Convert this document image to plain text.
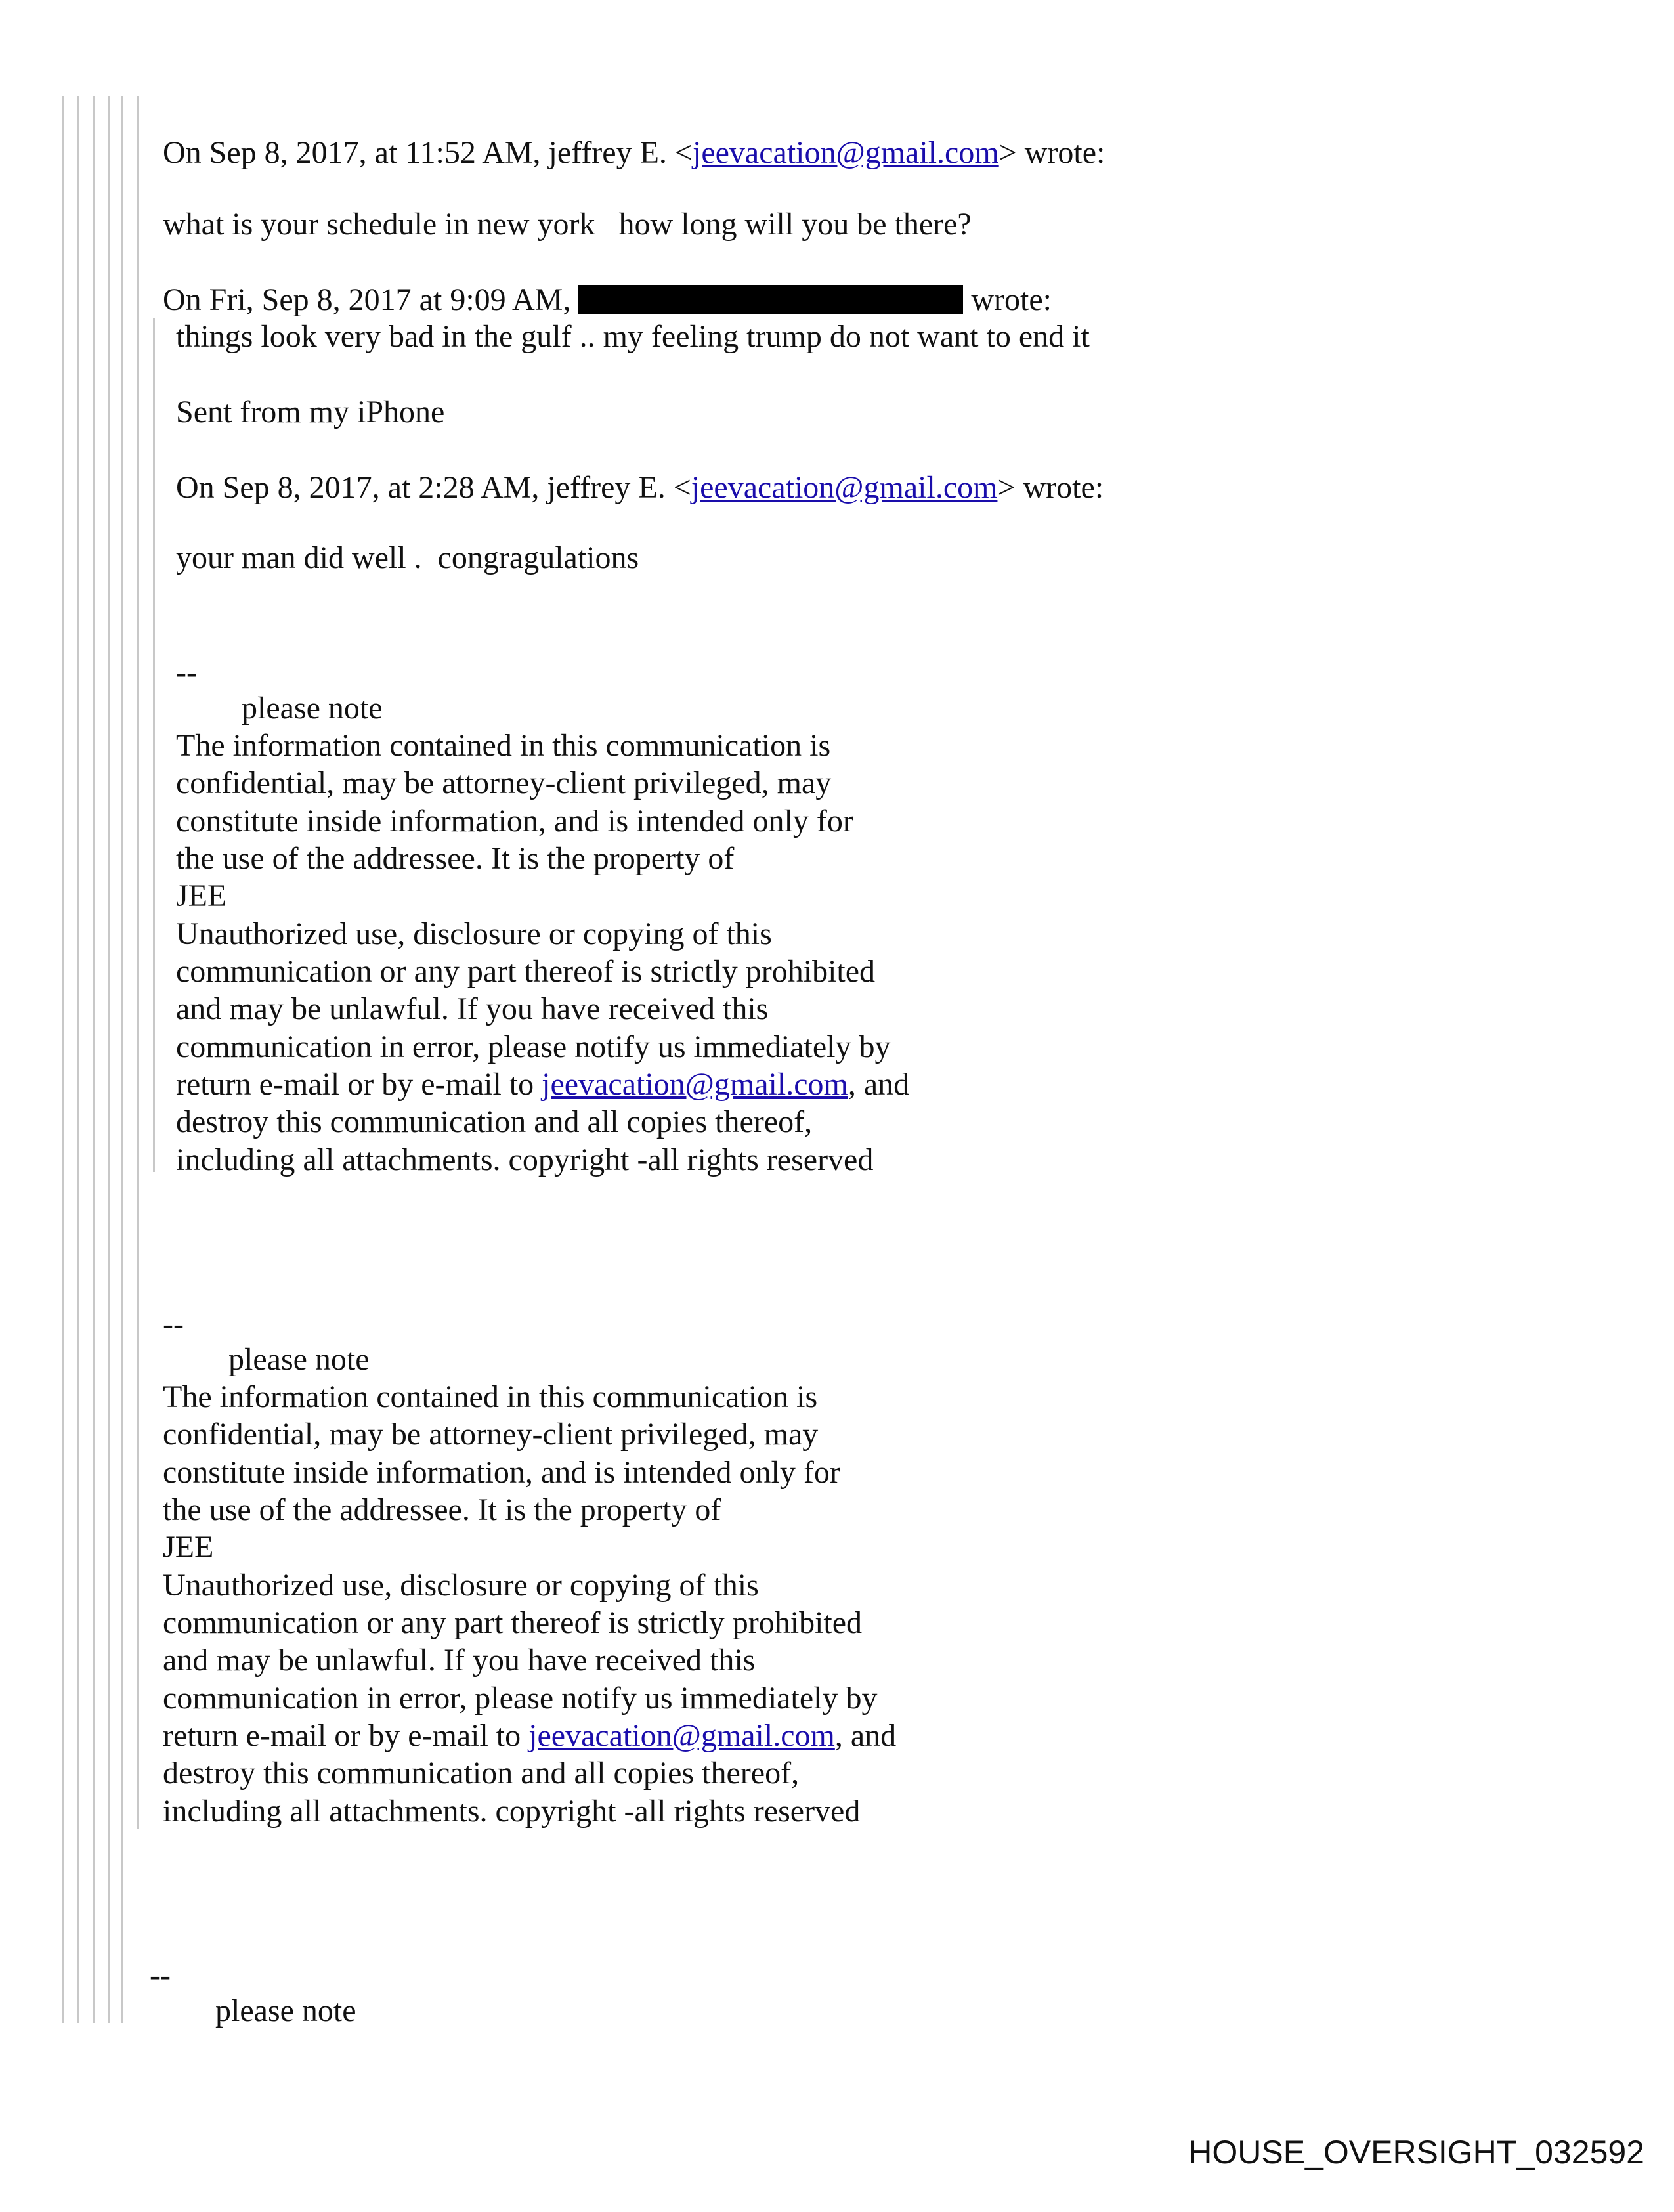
On Sep 8, 2017, at 11:52 AM, jeffrey E. <jeevacation@gmail.com> wrote:
what is your schedule in new york   how long will you be there?
On Fri, Sep 8, 2017 at 9:09 AM,	wrote:
things look very bad in the gulf .. my feeling trump do not want to end it
Sent from my iPhone
On Sep 8, 2017, at 2:28 AM, jeffrey E. <jeevacation@gmail.com> wrote:
your man did well .  congragulations
--
please note
The information contained in this communication is
confidential, may be attorney-client privileged, may
constitute inside information, and is intended only for
the use of the addressee. It is the property of
JEE
Unauthorized use, disclosure or copying of this
communication or any part thereof is strictly prohibited
and may be unlawful. If you have received this
communication in error, please notify us immediately by
return e-mail or by e-mail to jeevacation@gmail.com, and
destroy this communication and all copies thereof,
including all attachments. copyright -all rights reserved
--
please note
The information contained in this communication is
confidential, may be attorney-client privileged, may
constitute inside information, and is intended only for
the use of the addressee. It is the property of
JEE
Unauthorized use, disclosure or copying of this
communication or any part thereof is strictly prohibited
and may be unlawful. If you have received this
communication in error, please notify us immediately by
return e-mail or by e-mail to jeevacation@gmail.com, and
destroy this communication and all copies thereof,
including all attachments. copyright -all rights reserved
--
please note
HOUSE_OVERSIGHT_032592
